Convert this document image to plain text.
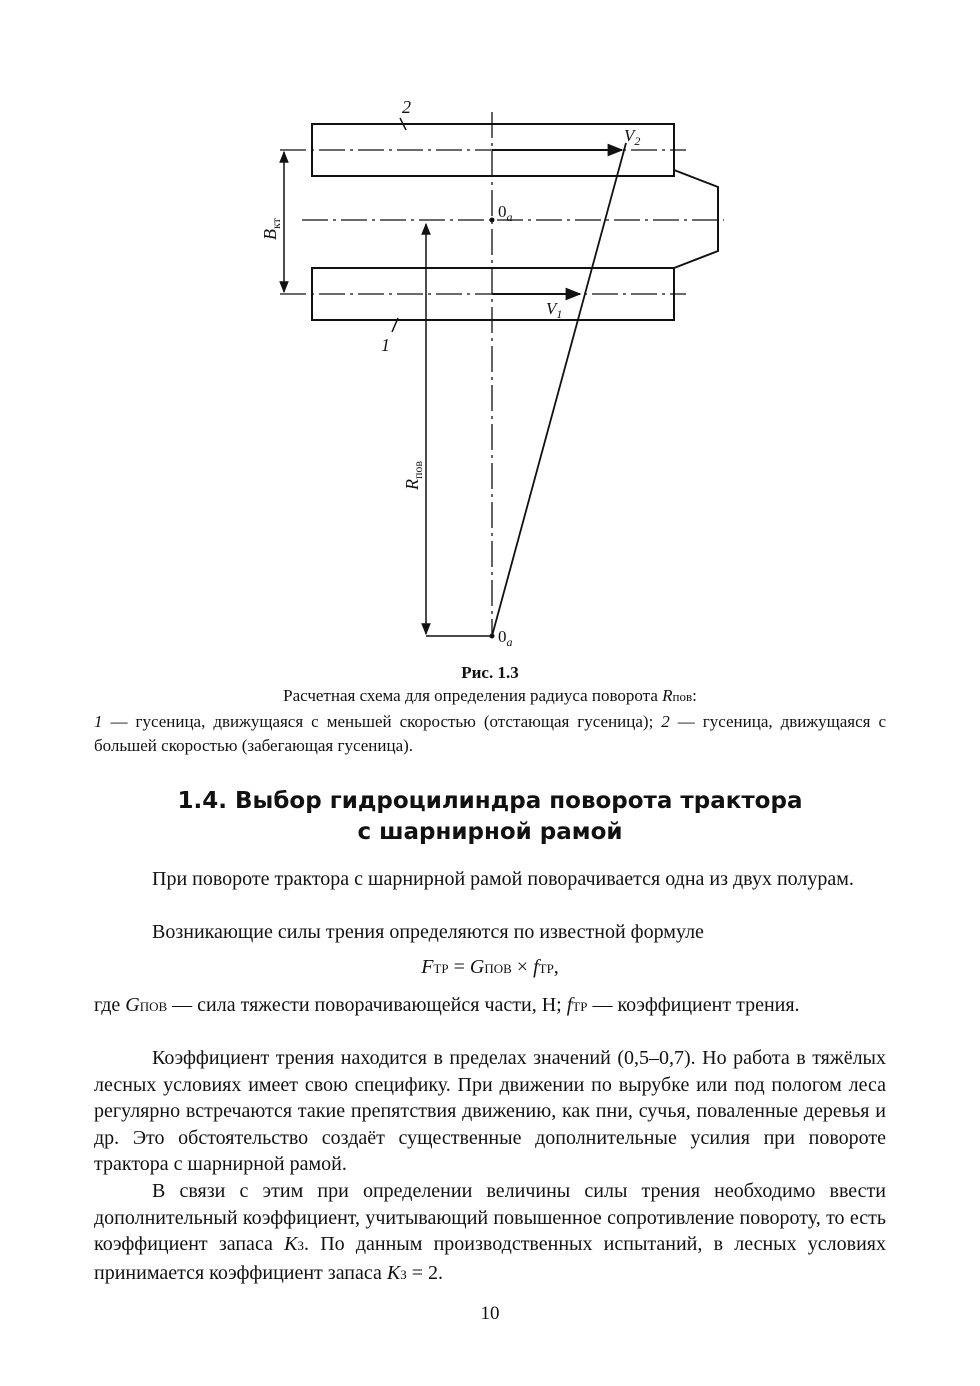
2
1
$V_2$
$V_1$
$0_a$
$0_a$
$B_{кт}$
$R_{пов}$
Рис. 1.3
Расчетная схема для определения радиуса поворота Rпов:
1 — гусеница, движущаяся с меньшей скоростью (отстающая гусеница); 2 — гусеница, движущаяся с большей скоростью (забегающая гусеница).
1.4. Выбор гидроцилиндра поворота трактора
с шарнирной рамой

При повороте трактора с шарнирной рамой поворачивается одна из двух полурам.

Возникающие силы трения определяются по известной формуле

FТР = GПОВ × fТР,

где GПОВ — сила тяжести поворачивающейся части, Н; fТР — коэффициент трения.

Коэффициент трения находится в пределах значений (0,5–0,7). Но работа в тяжёлых лесных условиях имеет свою специфику. При движении по вырубке или под пологом леса регулярно встречаются такие препятствия движению, как пни, сучья, поваленные деревья и др. Это обстоятельство создаёт существенные дополнительные усилия при повороте трактора с шарнирной рамой.

В связи с этим при определении величины силы трения необходимо ввести дополнительный коэффициент, учитывающий повышенное сопротивление повороту, то есть коэффициент запаса KЗ. По данным производственных испытаний, в лесных условиях принимается коэффициент запаса KЗ = 2.

10
